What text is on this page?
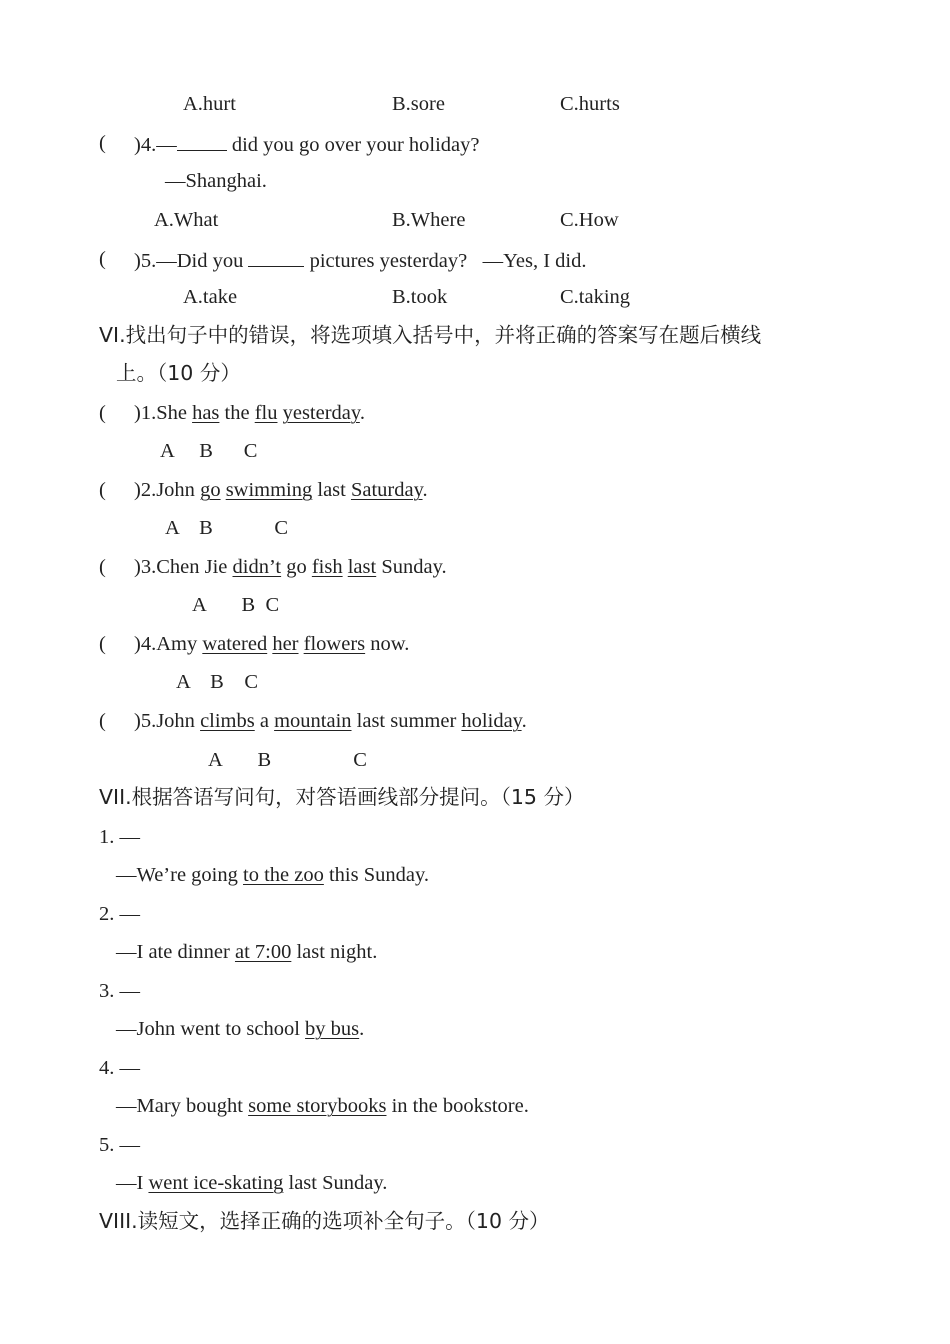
A.hurt	B.sore	C.hurts
( )4.— did you go over your holiday?
—Shanghai.
A.What	B.Where	C.How
( )5.—Did you	pictures yesterday?   —Yes, I did.
A.take	B.took	C.taking
VI.找出句子中的错误，将选项填入括号中，并将正确的答案写在题后横线
上。（10 分）
( )1.She has the flu yesterday.
A     B      C
( )2.John go swimming last Saturday.
A    B            C
( )3.Chen Jie didn’t go fish last Sunday.
A       B  C
( )4.Amy watered her flowers now.
A    B    C
( )5.John climbs a mountain last summer holiday.
A       B                C
VII.根据答语写问句，对答语画线部分提问。（15 分）
1. —
—We’re going to the zoo this Sunday.
2. —
—I ate dinner at 7:00 last night.
3. —
—John went to school by bus.
4. —
—Mary bought some storybooks in the bookstore.
5. —
—I went ice-skating last Sunday.
VIII.读短文，选择正确的选项补全句子。（10 分）
